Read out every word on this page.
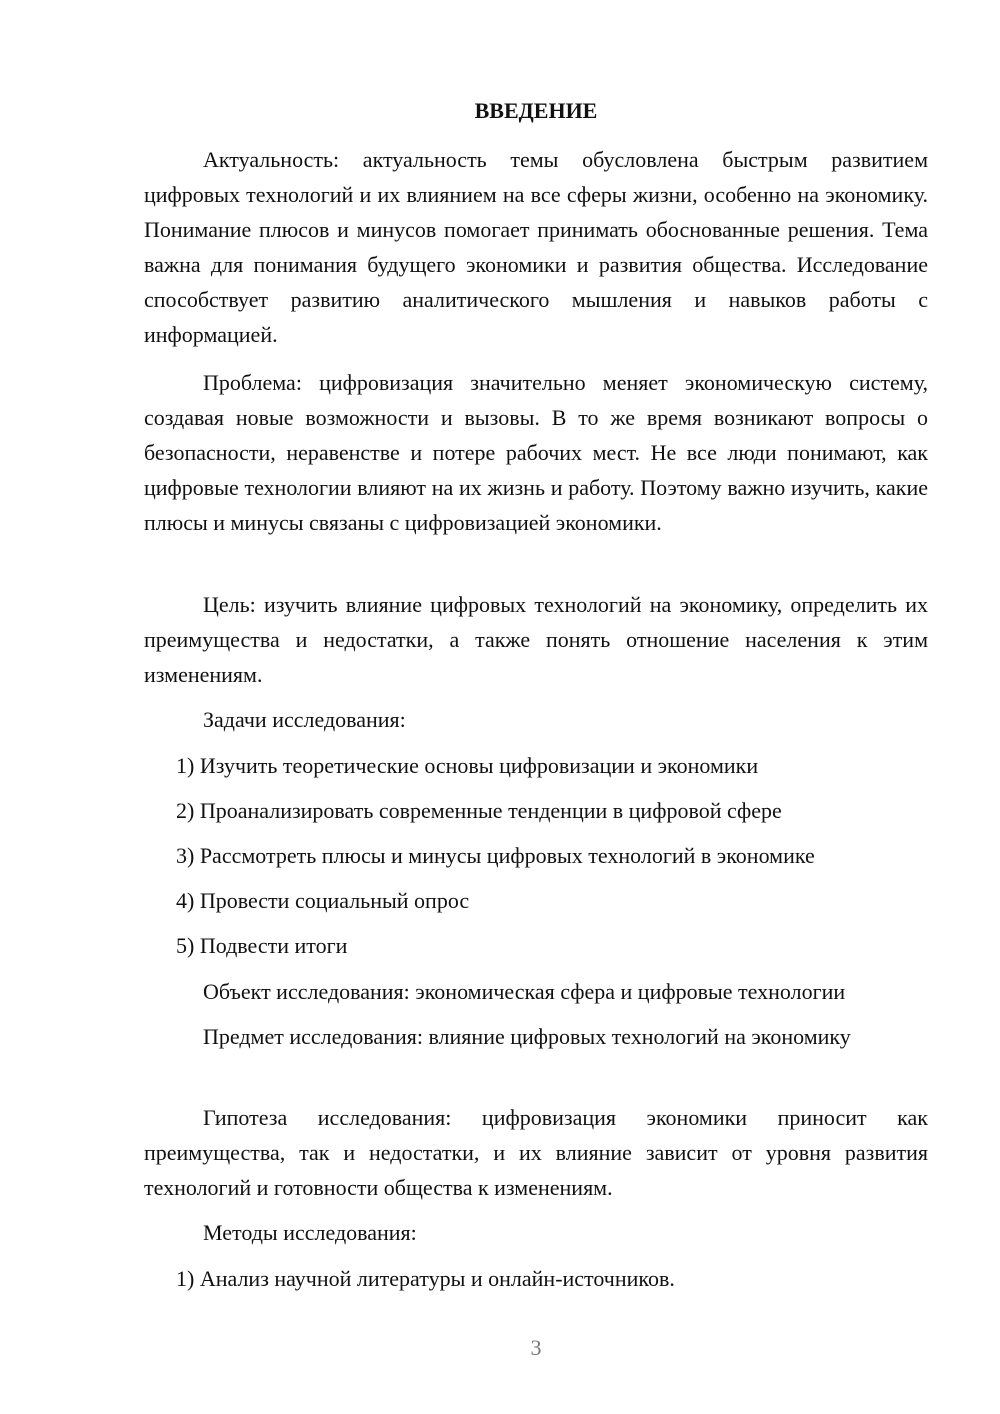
ВВЕДЕНИЕ

Актуальность: актуальность темы обусловлена быстрым развитием цифровых технологий и их влиянием на все сферы жизни, особенно на экономику. Понимание плюсов и минусов помогает принимать обоснованные решения. Тема важна для понимания будущего экономики и развития общества. Исследование способствует развитию аналитического мышления и навыков работы с информацией.

Проблема: цифровизация значительно меняет экономическую систему, создавая новые возможности и вызовы. В то же время возникают вопросы о безопасности, неравенстве и потере рабочих мест. Не все люди понимают, как цифровые технологии влияют на их жизнь и работу. Поэтому важно изучить, какие плюсы и минусы связаны с цифровизацией экономики.

Цель: изучить влияние цифровых технологий на экономику, определить их преимущества и недостатки, а также понять отношение населения к этим изменениям.

Задачи исследования:

1) Изучить теоретические основы цифровизации и экономики

2) Проанализировать современные тенденции в цифровой сфере

3) Рассмотреть плюсы и минусы цифровых технологий в экономике

4) Провести социальный опрос

5) Подвести итоги

Объект исследования: экономическая сфера и цифровые технологии

Предмет исследования: влияние цифровых технологий на экономику

Гипотеза исследования: цифровизация экономики приносит как преимущества, так и недостатки, и их влияние зависит от уровня развития технологий и готовности общества к изменениям.

Методы исследования:

1) Анализ научной литературы и онлайн-источников.

3
